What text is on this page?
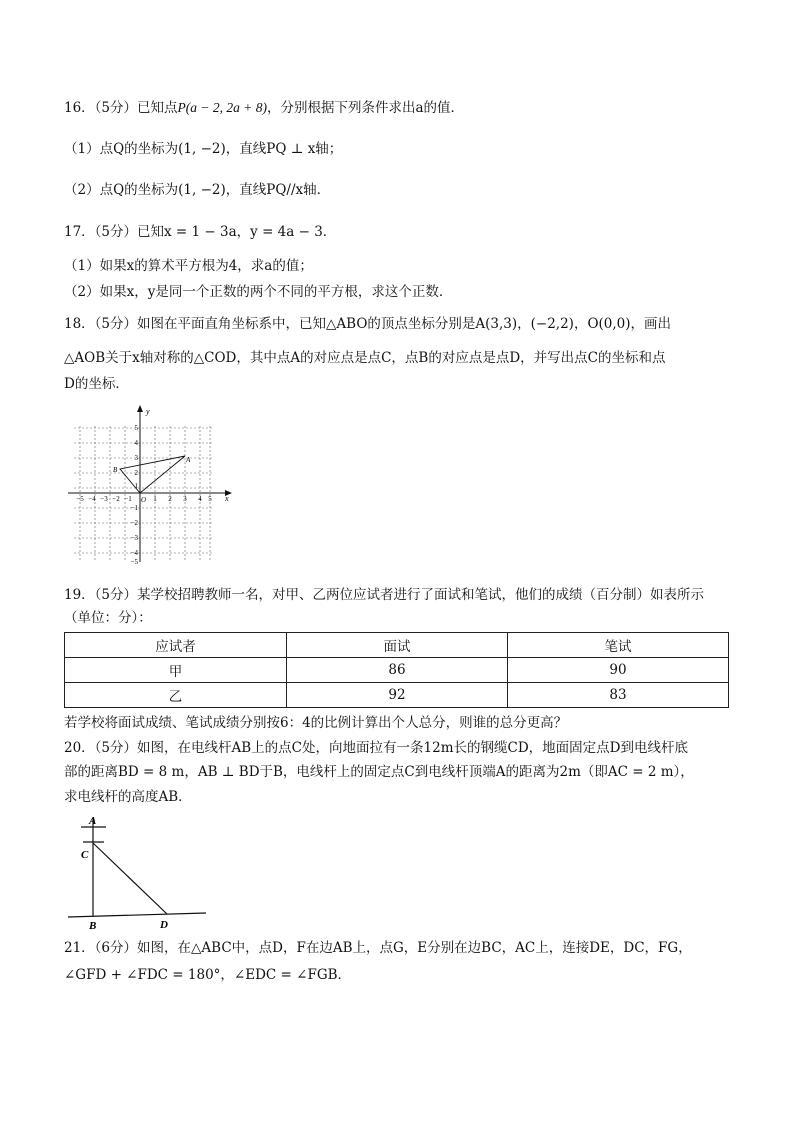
16．（5分）已知点P(a − 2, 2a + 8)，分别根据下列条件求出a的值．
（1）点Q的坐标为(1, −2)，直线PQ ⊥ x轴；
（2）点Q的坐标为(1, −2)，直线PQ//x轴．
17．（5分）已知x = 1 − 3a，y = 4a − 3．
（1）如果x的算术平方根为4，求a的值；
（2）如果x，y是同一个正数的两个不同的平方根，求这个正数．
18．（5分）如图在平面直角坐标系中，已知△ABO的顶点坐标分别是A(3,3)，(−2,2)，O(0,0)，画出
△AOB关于x轴对称的△COD，其中点A的对应点是点C，点B的对应点是点D，并写出点C的坐标和点
D的坐标．
x
y
O
−5 −4 −3 −2 −1	1 2 3 4 5
5
4
3
2
1
−1
−2
−3
−4
−5
A
B
19．（5分）某学校招聘教师一名，对甲、乙两位应试者进行了面试和笔试，他们的成绩（百分制）如表所示
（单位：分）：
应试者	面试	笔试
甲	86	90
乙	92	83
若学校将面试成绩、笔试成绩分别按6：4的比例计算出个人总分，则谁的总分更高？
20．（5分）如图，在电线杆AB上的点C处，向地面拉有一条12m长的钢缆CD，地面固定点D到电线杆底
部的距离BD = 8 m，AB ⊥ BD于B，电线杆上的固定点C到电线杆顶端A的距离为2m（即AC = 2 m），
求电线杆的高度AB．
A
C
B	D
21．（6分）如图，在△ABC中，点D，F在边AB上，点G，E分别在边BC，AC上，连接DE，DC，FG，
∠GFD + ∠FDC = 180°，∠EDC = ∠FGB．
